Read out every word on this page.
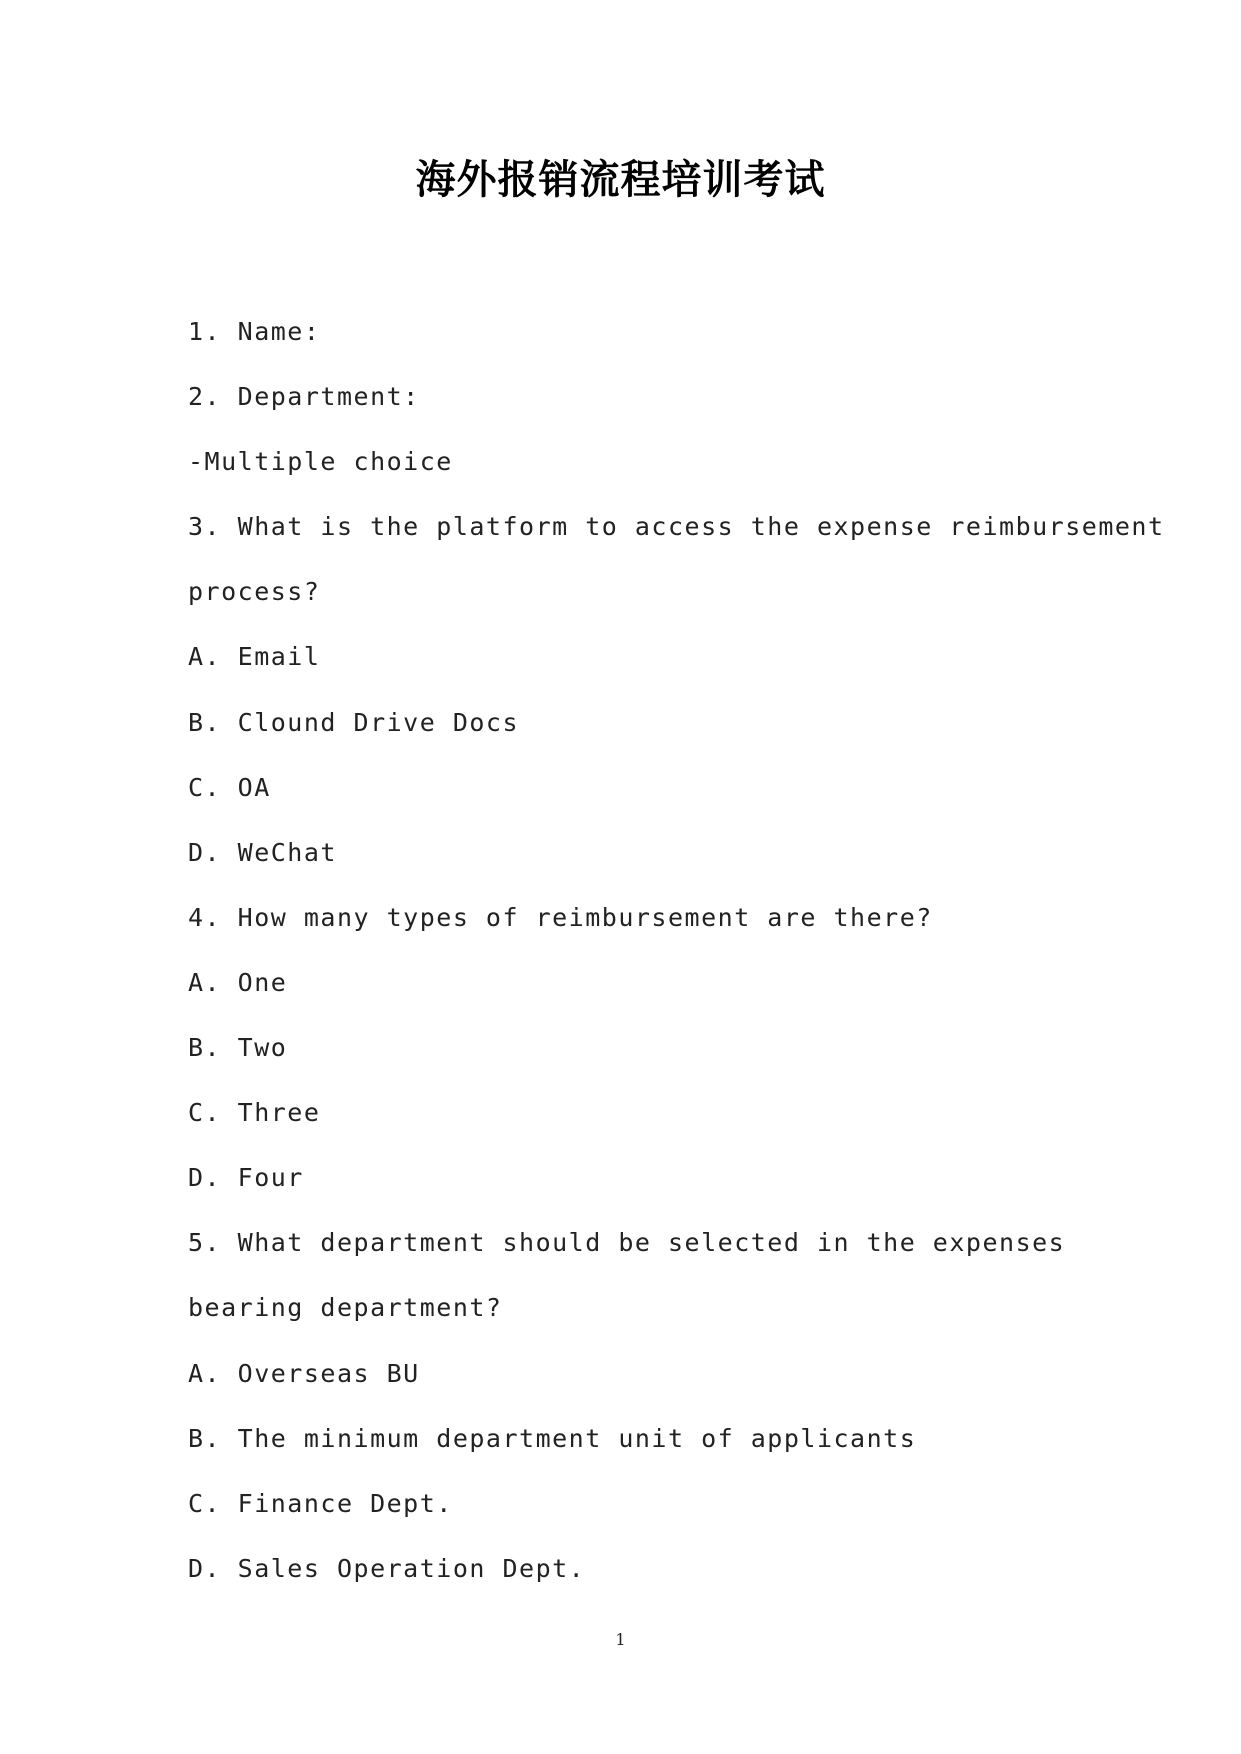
海外报销流程培训考试

1. Name:

2. Department:

-Multiple choice

3. What is the platform to access the expense reimbursement

process?

A. Email

B. Clound Drive Docs

C. OA

D. WeChat

4. How many types of reimbursement are there?

A. One

B. Two

C. Three

D. Four

5. What department should be selected in the expenses

bearing department?

A. Overseas BU

B. The minimum department unit of applicants

C. Finance Dept.

D. Sales Operation Dept.

1
